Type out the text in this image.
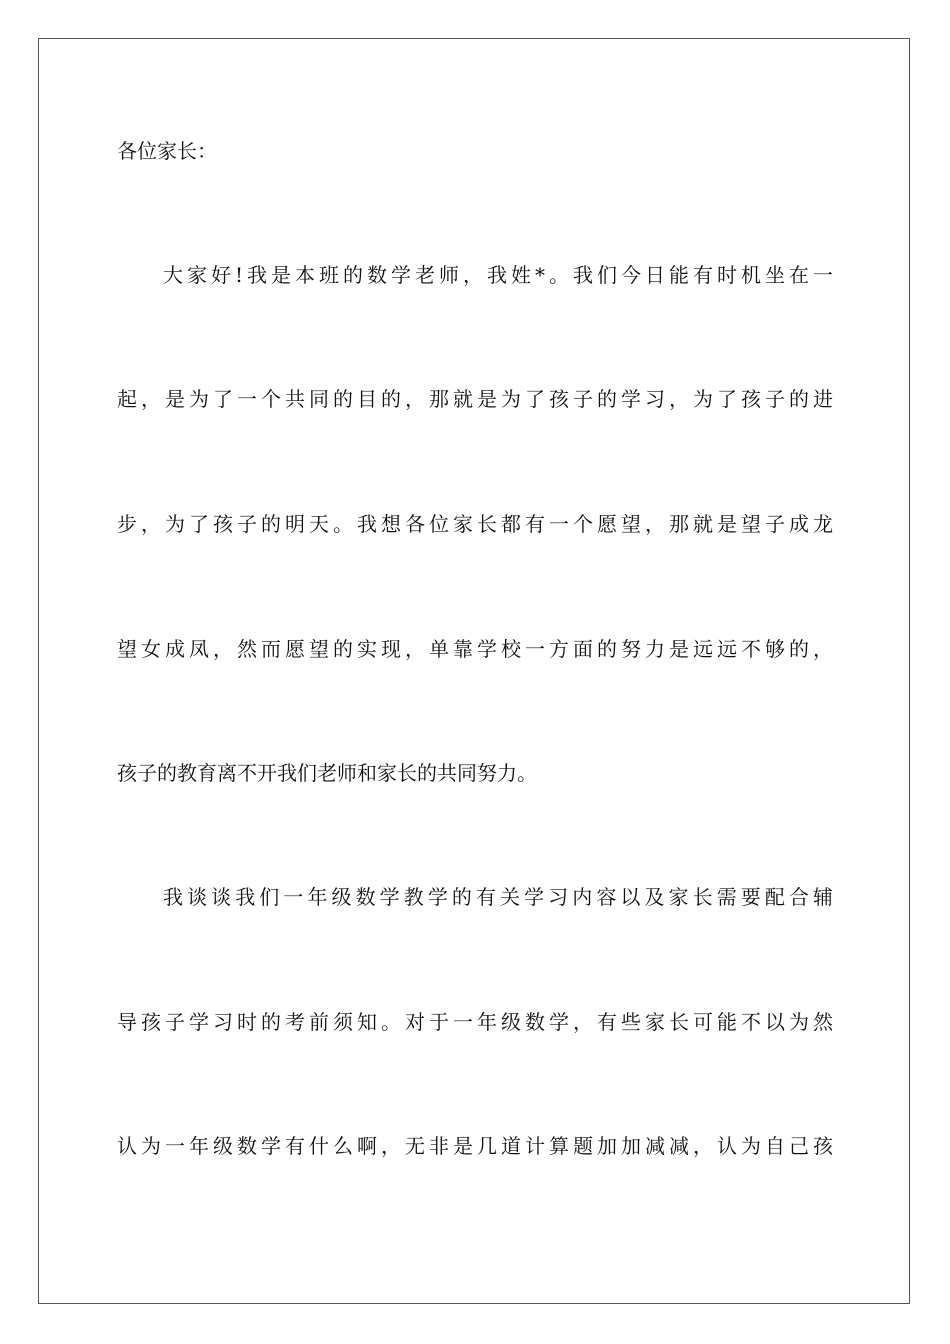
各位家长：
大家好!我是本班的数学老师，我姓*。我们今日能有时机坐在一
起，是为了一个共同的目的，那就是为了孩子的学习，为了孩子的进
步，为了孩子的明天。我想各位家长都有一个愿望，那就是望子成龙
望女成凤，然而愿望的实现，单靠学校一方面的努力是远远不够的，
孩子的教育离不开我们老师和家长的共同努力。
我谈谈我们一年级数学教学的有关学习内容以及家长需要配合辅
导孩子学习时的考前须知。对于一年级数学，有些家长可能不以为然
认为一年级数学有什么啊，无非是几道计算题加加减减，认为自己孩
